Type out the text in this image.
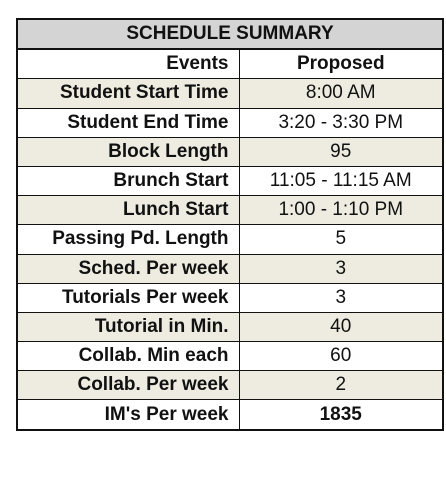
SCHEDULE SUMMARY	
Events	Proposed
Student Start Time	8:00 AM
Student End Time	3:20 - 3:30 PM
Block Length	95
Brunch Start	11:05 - 11:15 AM
Lunch Start	1:00 - 1:10 PM
Passing Pd. Length	5
Sched. Per week	3
Tutorials Per week	3
Tutorial in Min.	40
Collab. Min each	60
Collab. Per week	2
IM's Per week	1835
